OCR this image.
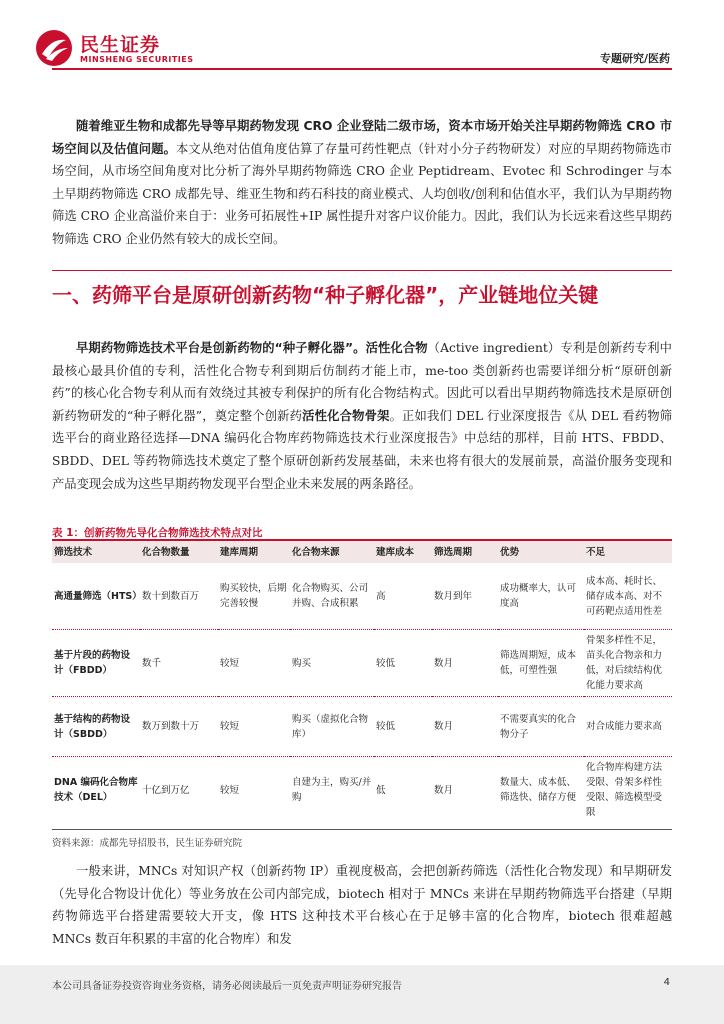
民生证券
MINSHENG SECURITIES	专题研究/医药
随着维亚生物和成都先导等早期药物发现 CRO 企业登陆二级市场，资本市场开始关注早期药物筛选 CRO 市场空间以及估值问题。本文从绝对估值角度估算了存量可药性靶点（针对小分子药物研发）对应的早期药物筛选市场空间，从市场空间角度对比分析了海外早期药物筛选 CRO 企业 Peptidream、Evotec 和 Schrodinger 与本土早期药物筛选 CRO 成都先导、维亚生物和药石科技的商业模式、人均创收/创利和估值水平，我们认为早期药物筛选 CRO 企业高溢价来自于：业务可拓展性+IP 属性提升对客户议价能力。因此，我们认为长远来看这些早期药物筛选 CRO 企业仍然有较大的成长空间。
一、药筛平台是原研创新药物“种子孵化器”，产业链地位关键
早期药物筛选技术平台是创新药物的“种子孵化器”。活性化合物（Active ingredient）专利是创新药专利中最核心最具价值的专利，活性化合物专利到期后仿制药才能上市，me-too 类创新药也需要详细分析“原研创新药”的核心化合物专利从而有效绕过其被专利保护的所有化合物结构式。因此可以看出早期药物筛选技术是原研创新药物研发的“种子孵化器”，奠定整个创新药活性化合物骨架。正如我们 DEL 行业深度报告《从 DEL 看药物筛选平台的商业路径选择—DNA 编码化合物库药物筛选技术行业深度报告》中总结的那样，目前 HTS、FBDD、SBDD、DEL 等药物筛选技术奠定了整个原研创新药发展基础，未来也将有很大的发展前景，高溢价服务变现和产品变现会成为这些早期药物发现平台型企业未来发展的两条路径。
表 1：创新药物先导化合物筛选技术特点对比
筛选技术	化合物数量	建库周期	化合物来源	建库成本	筛选周期	优势	不足
高通量筛选（HTS）	数十到数百万	购买较快，后期完善较慢	化合物购买、公司并购、合成积累	高	数月到年	成功概率大，认可度高	成本高、耗时长、储存成本高、对不可药靶点适用性差
基于片段的药物设计（FBDD）	数千	较短	购买	较低	数月	筛选周期短，成本低，可塑性强	骨架多样性不足，苗头化合物亲和力低，对后续结构优化能力要求高
基于结构的药物设计（SBDD）	数万到数十万	较短	购买（虚拟化合物库）	较低	数月	不需要真实的化合物分子	对合成能力要求高
DNA 编码化合物库技术（DEL）	十亿到万亿	较短	自建为主，购买/并购	低	数月	数量大、成本低、筛选快、储存方便	化合物库构建方法受限、骨架多样性受限、筛选模型受限
资料来源：成都先导招股书，民生证券研究院
一般来讲，MNCs 对知识产权（创新药物 IP）重视度极高，会把创新药筛选（活性化合物发现）和早期研发（先导化合物设计优化）等业务放在公司内部完成，biotech 相对于 MNCs 来讲在早期药物筛选平台搭建（早期药物筛选平台搭建需要较大开支，像 HTS 这种技术平台核心在于足够丰富的化合物库，biotech 很难超越 MNCs 数百年积累的丰富的化合物库）和发
本公司具备证券投资咨询业务资格，请务必阅读最后一页免责声明证券研究报告	4
